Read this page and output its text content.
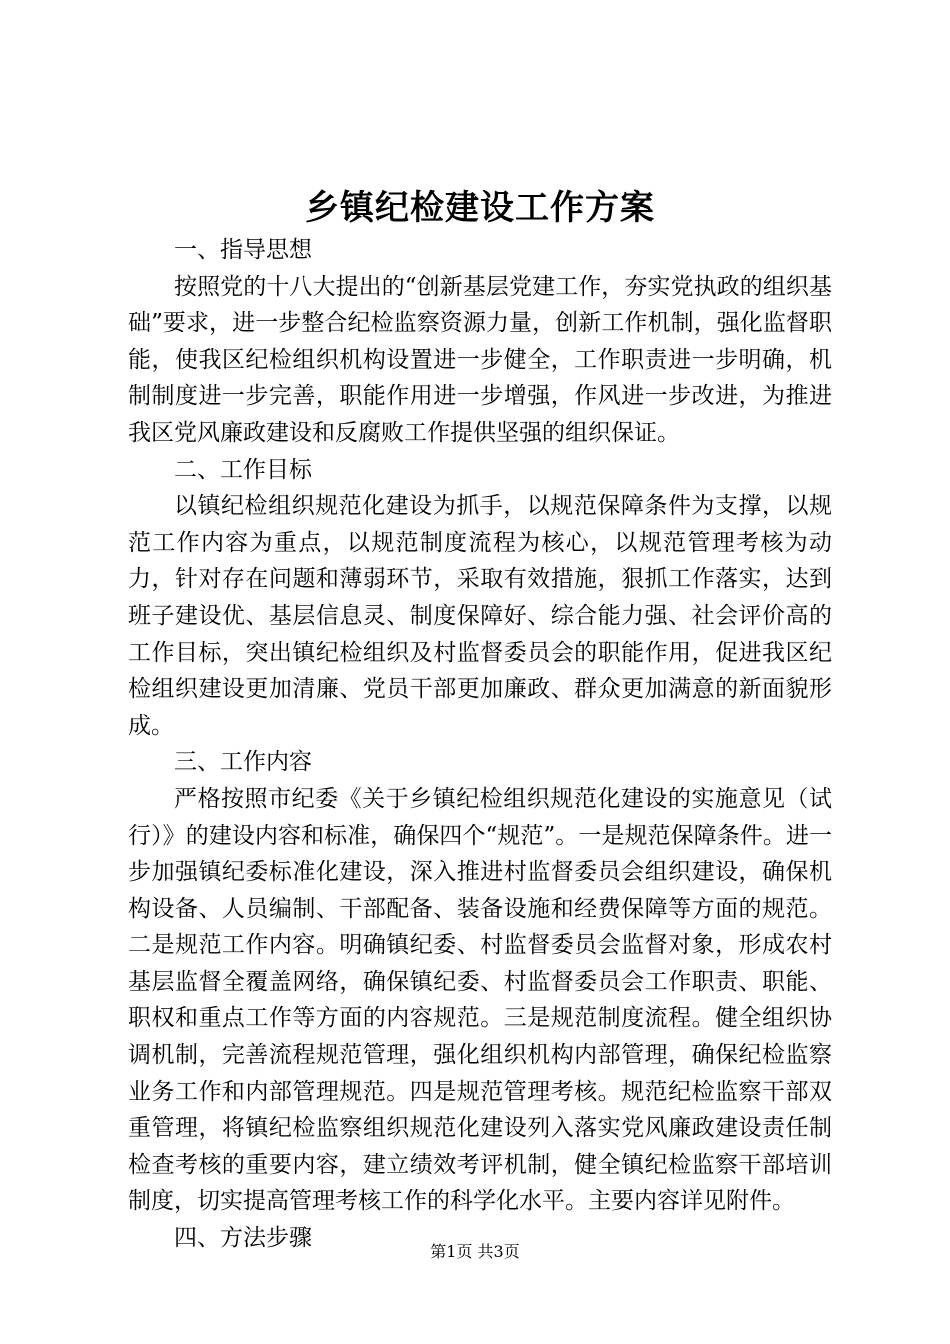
乡镇纪检建设工作方案

一、指导思想

按照党的十八大提出的“创新基层党建工作，夯实党执政的组织基础”要求，进一步整合纪检监察资源力量，创新工作机制，强化监督职能，使我区纪检组织机构设置进一步健全，工作职责进一步明确，机制制度进一步完善，职能作用进一步增强，作风进一步改进，为推进我区党风廉政建设和反腐败工作提供坚强的组织保证。

二、工作目标

以镇纪检组织规范化建设为抓手，以规范保障条件为支撑，以规范工作内容为重点，以规范制度流程为核心，以规范管理考核为动力，针对存在问题和薄弱环节，采取有效措施，狠抓工作落实，达到班子建设优、基层信息灵、制度保障好、综合能力强、社会评价高的工作目标，突出镇纪检组织及村监督委员会的职能作用，促进我区纪检组织建设更加清廉、党员干部更加廉政、群众更加满意的新面貌形成。

三、工作内容

严格按照市纪委《关于乡镇纪检组织规范化建设的实施意见（试行）》的建设内容和标准，确保四个“规范”。一是规范保障条件。进一步加强镇纪委标准化建设，深入推进村监督委员会组织建设，确保机构设备、人员编制、干部配备、装备设施和经费保障等方面的规范。二是规范工作内容。明确镇纪委、村监督委员会监督对象，形成农村基层监督全覆盖网络，确保镇纪委、村监督委员会工作职责、职能、职权和重点工作等方面的内容规范。三是规范制度流程。健全组织协调机制，完善流程规范管理，强化组织机构内部管理，确保纪检监察业务工作和内部管理规范。四是规范管理考核。规范纪检监察干部双重管理，将镇纪检监察组织规范化建设列入落实党风廉政建设责任制检查考核的重要内容，建立绩效考评机制，健全镇纪检监察干部培训制度，切实提高管理考核工作的科学化水平。主要内容详见附件。

四、方法步骤

第1页 共3页
